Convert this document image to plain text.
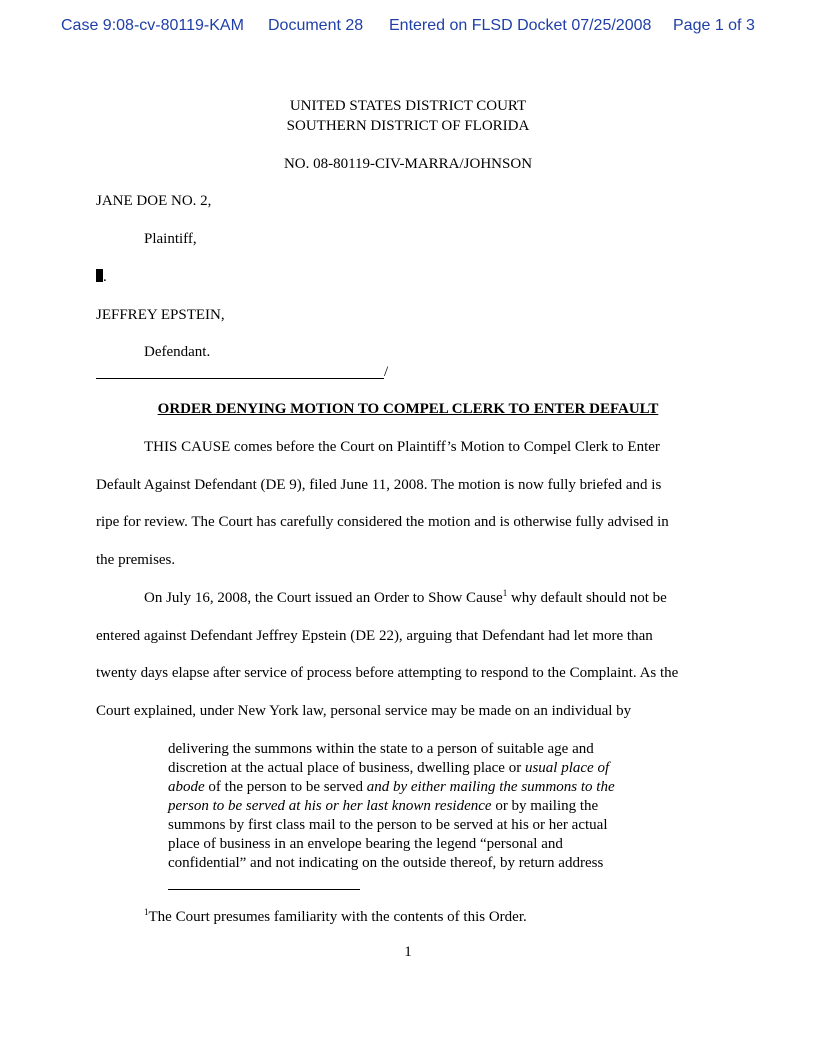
Case 9:08-cv-80119-KAM Document 28 Entered on FLSD Docket 07/25/2008 Page 1 of 3
UNITED STATES DISTRICT COURT
SOUTHERN DISTRICT OF FLORIDA
NO. 08-80119-CIV-MARRA/JOHNSON
JANE DOE NO. 2,
Plaintiff,
.
JEFFREY EPSTEIN,
Defendant.
/
ORDER DENYING MOTION TO COMPEL CLERK TO ENTER DEFAULT
THIS CAUSE comes before the Court on Plaintiff’s Motion to Compel Clerk to Enter
Default Against Defendant (DE 9), filed June 11, 2008. The motion is now fully briefed and is
ripe for review. The Court has carefully considered the motion and is otherwise fully advised in
the premises.
On July 16, 2008, the Court issued an Order to Show Cause$^1$ why default should not be
entered against Defendant Jeffrey Epstein (DE 22), arguing that Defendant had let more than
twenty days elapse after service of process before attempting to respond to the Complaint. As the
Court explained, under New York law, personal service may be made on an individual by
delivering the summons within the state to a person of suitable age and
discretion at the actual place of business, dwelling place or usual place of
abode of the person to be served and by either mailing the summons to the
person to be served at his or her last known residence or by mailing the
summons by first class mail to the person to be served at his or her actual
place of business in an envelope bearing the legend “personal and
confidential” and not indicating on the outside thereof, by return address
$^1$The Court presumes familiarity with the contents of this Order.
1
